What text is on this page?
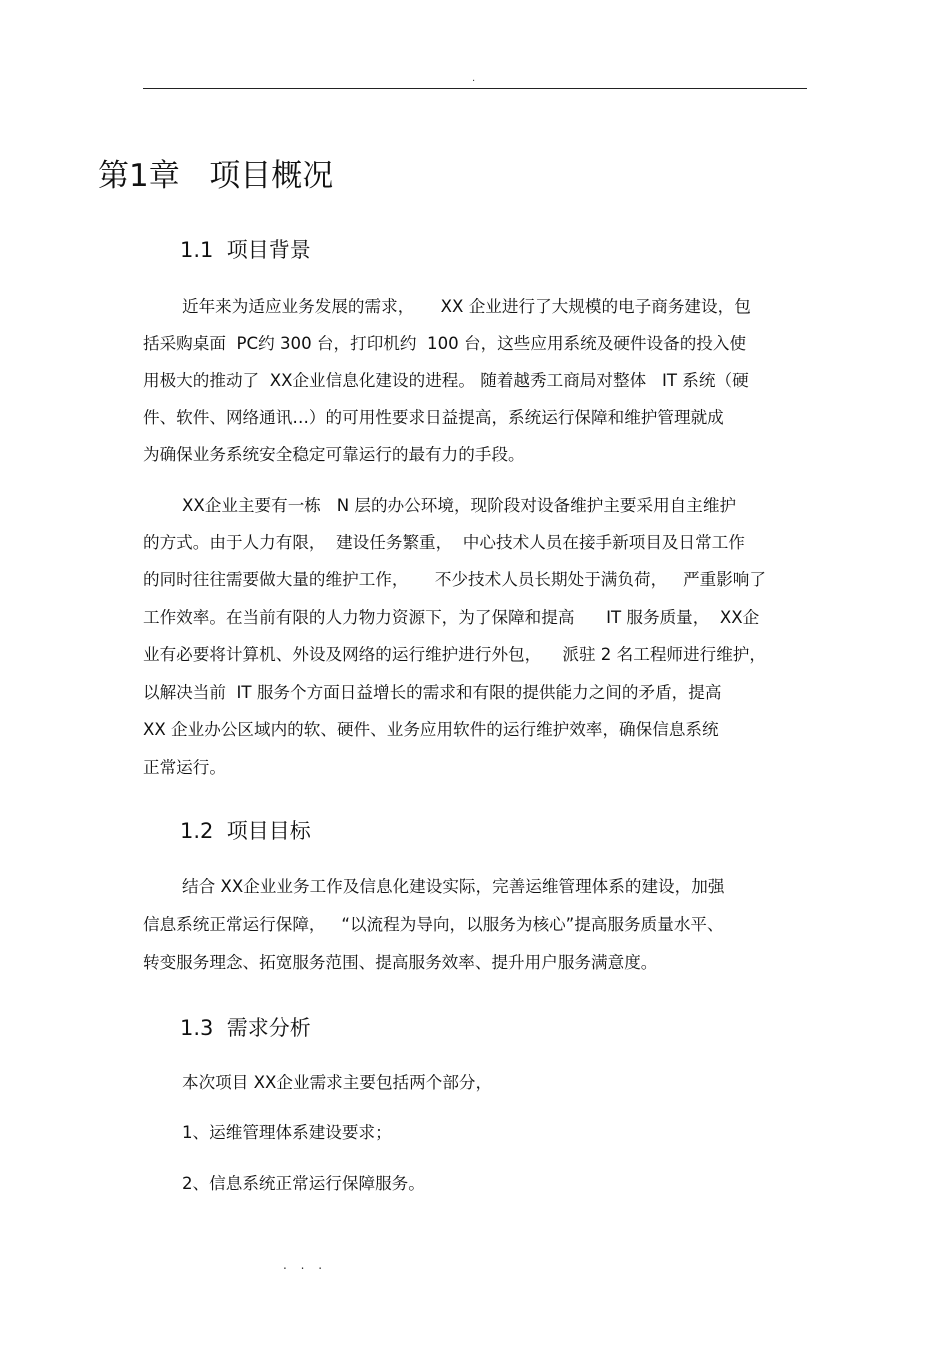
.
第1章   项目概况
1.1  项目背景
近年来为适应业务发展的需求，     XX 企业进行了大规模的电子商务建设，包
括采购桌面  PC约 300 台，打印机约  100 台，这些应用系统及硬件设备的投入使
用极大的推动了  XX企业信息化建设的进程。 随着越秀工商局对整体   IT 系统（硬
件、软件、网络通讯…）的可用性要求日益提高，系统运行保障和维护管理就成
为确保业务系统安全稳定可靠运行的最有力的手段。
XX企业主要有一栋   N 层的办公环境，现阶段对设备维护主要采用自主维护
的方式。由于人力有限，  建设任务繁重，  中心技术人员在接手新项目及日常工作
的同时往往需要做大量的维护工作，     不少技术人员长期处于满负荷，   严重影响了
工作效率。在当前有限的人力物力资源下，为了保障和提高      IT 服务质量，  XX企
业有必要将计算机、外设及网络的运行维护进行外包，    派驻 2 名工程师进行维护，
以解决当前  IT 服务个方面日益增长的需求和有限的提供能力之间的矛盾，提高
XX 企业办公区域内的软、硬件、业务应用软件的运行维护效率，确保信息系统
正常运行。
1.2  项目目标
结合 XX企业业务工作及信息化建设实际，完善运维管理体系的建设，加强
信息系统正常运行保障，   “以流程为导向，以服务为核心”提高服务质量水平、
转变服务理念、拓宽服务范围、提高服务效率、提升用户服务满意度。
1.3  需求分析
本次项目 XX企业需求主要包括两个部分，
1、运维管理体系建设要求；
2、信息系统正常运行保障服务。
. . .
